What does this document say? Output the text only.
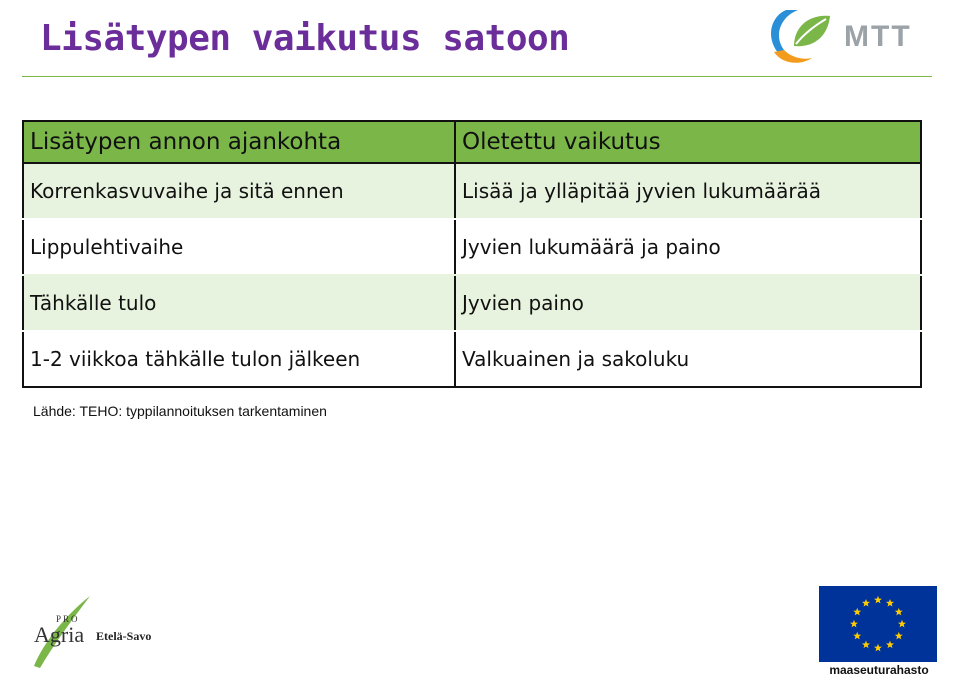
Lisätypen vaikutus satoon	MTT
Lisätypen annon ajankohta	Oletettu vaikutus
Korrenkasvuvaihe ja sitä ennen	Lisää ja ylläpitää jyvien lukumäärää
Lippulehtivaihe	Jyvien lukumäärä ja paino
Tähkälle tulo	Jyvien paino
1-2 viikkoa tähkälle tulon jälkeen	Valkuainen ja sakoluku
Lähde: TEHO: typpilannoituksen tarkentaminen
PRO
Agria Etelä-Savo
maaseuturahasto
